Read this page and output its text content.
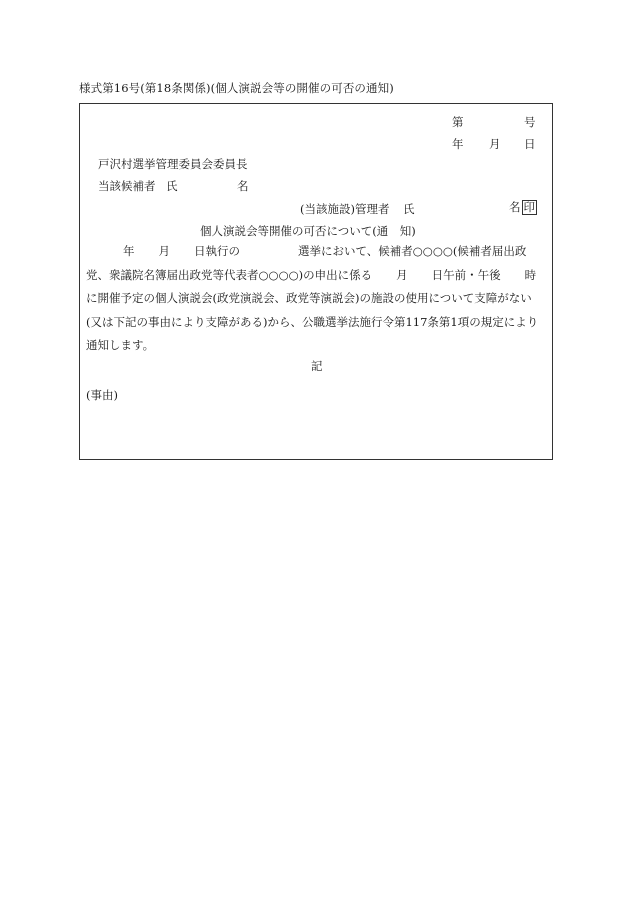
様式第16号(第18条関係)(個人演説会等の開催の可否の通知)
第	号
年 月 日
戸沢村選挙管理委員会委員長
当該候補者 氏	名
(当該施設)管理者 氏	名 印
個人演説会等開催の可否について(通　知)
年 月 日執行の	選挙において、候補者○○○○(候補者届出政
党、衆議院名簿届出政党等代表者○○○○)の申出に係る 月 日午前・午後 時
に開催予定の個人演説会(政党演説会、政党等演説会)の施設の使用について支障がない
(又は下記の事由により支障がある)から、公職選挙法施行令第117条第1項の規定により
通知します。
記
(事由)
